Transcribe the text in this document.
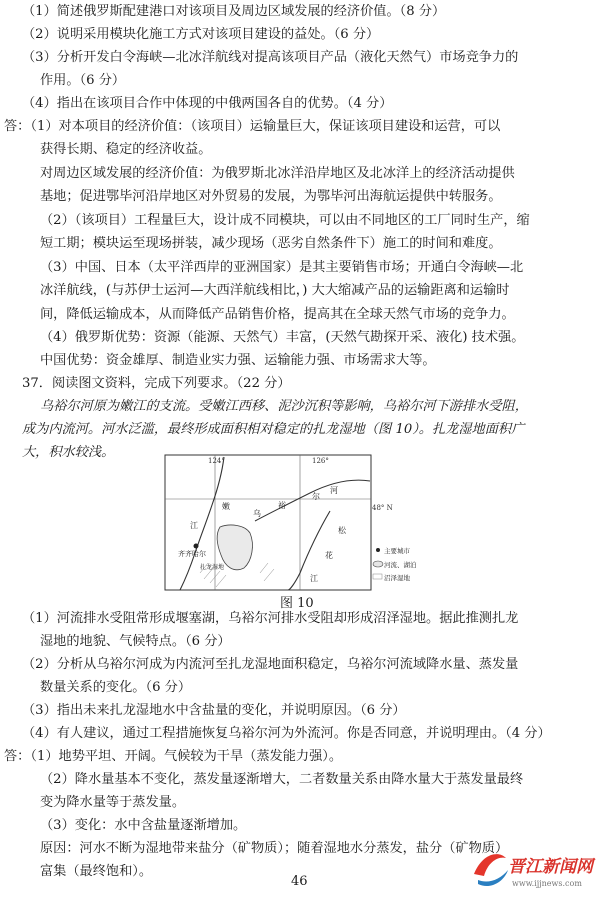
（1）简述俄罗斯配建港口对该项目及周边区域发展的经济价值。（8 分）
（2）说明采用模块化施工方式对该项目建设的益处。（6 分）
（3）分析开发白令海峡—北冰洋航线对提高该项目产品（液化天然气）市场竞争力的
作用。（6 分）
（4）指出在该项目合作中体现的中俄两国各自的优势。（4 分）
答：（1）对本项目的经济价值：（该项目）运输量巨大，保证该项目建设和运营，可以
获得长期、稳定的经济收益。
对周边区域发展的经济价值：为俄罗斯北冰洋沿岸地区及北冰洋上的经济活动提供
基地；促进鄂毕河沿岸地区对外贸易的发展，为鄂毕河出海航运提供中转服务。
（2）（该项目）工程量巨大，设计成不同模块，可以由不同地区的工厂同时生产，缩
短工期；模块运至现场拼装，减少现场（恶劣自然条件下）施工的时间和难度。
（3）中国、日本（太平洋西岸的亚洲国家）是其主要销售市场；开通白令海峡—北
冰洋航线，(与苏伊士运河—大西洋航线相比，) 大大缩减产品的运输距离和运输时
间，降低运输成本，从而降低产品销售价格，提高其在全球天然气市场的竞争力。
（4）俄罗斯优势：资源（能源、天然气）丰富，(天然气勘探开采、液化) 技术强。
中国优势：资金雄厚、制造业实力强、运输能力强、市场需求大等。
37．阅读图文资料，完成下列要求。（22 分）
乌裕尔河原为嫩江的支流。受嫩江西移、泥沙沉积等影响，乌裕尔河下游排水受阻，
成为内流河。河水泛滥，最终形成面积相对稳定的扎龙湿地（图 10）。扎龙湿地面积广
大，积水较浅。
124°	126°
48° N
嫩
江
乌
裕
尔
河
松
花
江
齐齐哈尔
扎龙湿地
主要城市
河流、湖泊
沼泽湿地
图 10
（1）河流排水受阻常形成堰塞湖，乌裕尔河排水受阻却形成沼泽湿地。据此推测扎龙
湿地的地貌、气候特点。（6 分）
（2）分析从乌裕尔河成为内流河至扎龙湿地面积稳定，乌裕尔河流域降水量、蒸发量
数量关系的变化。（6 分）
（3）指出未来扎龙湿地水中含盐量的变化，并说明原因。（6 分）
（4）有人建议，通过工程措施恢复乌裕尔河为外流河。你是否同意，并说明理由。（4 分）
答：（1）地势平坦、开阔。气候较为干旱（蒸发能力强）。
（2）降水量基本不变化，蒸发量逐渐增大，二者数量关系由降水量大于蒸发量最终
变为降水量等于蒸发量。
（3）变化：水中含盐量逐渐增加。
原因：河水不断为湿地带来盐分（矿物质）；随着湿地水分蒸发，盐分（矿物质）
富集（最终饱和）。
46
晋江新闻网
www.ijjnews.com
